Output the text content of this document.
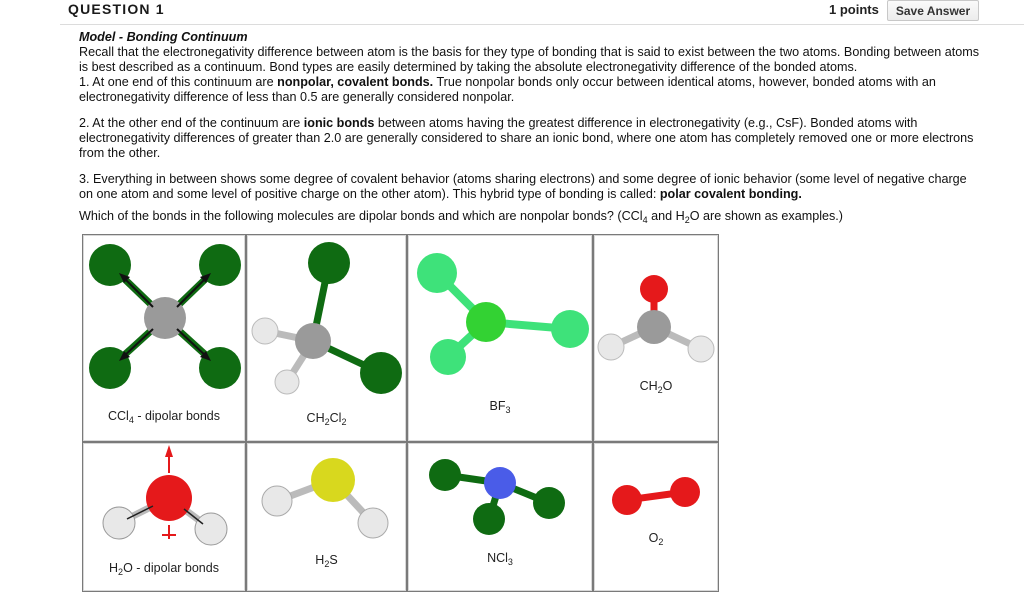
QUESTION 1	1 points	Save Answer

Model - Bonding Continuum

Recall that the electronegativity difference between atom is the basis for they type of bonding that is said to exist between the two atoms. Bonding between atoms is best described as a continuum. Bond types are easily determined by taking the absolute electronegativity difference of the bonded atoms.

1. At one end of this continuum are nonpolar, covalent bonds. True nonpolar bonds only occur between identical atoms, however, bonded atoms with an electronegativity difference of less than 0.5 are generally considered nonpolar.

2. At the other end of the continuum are ionic bonds between atoms having the greatest difference in electronegativity (e.g., CsF). Bonded atoms with electronegativity differences of greater than 2.0 are generally considered to share an ionic bond, where one atom has completely removed one or more electrons from the other.

3. Everything in between shows some degree of covalent behavior (atoms sharing electrons) and some degree of ionic behavior (some level of negative charge on one atom and some level of positive charge on the other atom). This hybrid type of bonding is called: polar covalent bonding.

Which of the bonds in the following molecules are dipolar bonds and which are nonpolar bonds? (CCl$_4$ and $H_2O$ are shown as examples.)

CCl$_4$ - dipolar bonds	$CH_2Cl_2$
$BF_3$
$CH_2O$
$H_2O$ - dipolar bonds
$H_2S$	NCl$_3$
$O_2$
